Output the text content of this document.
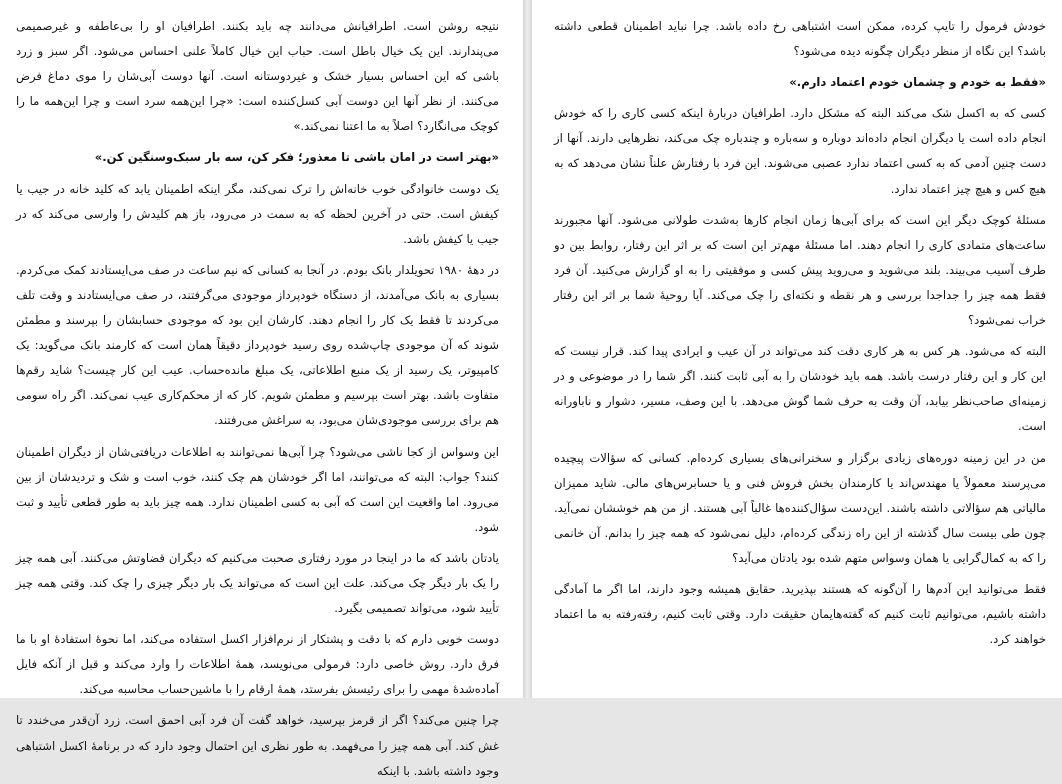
نتیجه روشن است. اطرافیانش می‌دانند چه باید بکنند. اطرافیان او را بی‌عاطفه و غیرصمیمی می‌پندارند. این یک خیال باطل است. حباب این خیال کاملاً علنی احساس می‌شود. اگر سبز و زرد باشی که این احساس بسیار خشک و غیردوستانه است. آنها دوست آبی‌شان را موی دماغ فرض می‌کنند. از نظر آنها این دوست آبی کسل‌کننده است: «چرا این‌همه سرد است و چرا این‌همه ما را کوچک می‌انگارد؟ اصلاً به ما اعتنا نمی‌کند.»

«بهتر است در امان باشی تا معذور؛ فکر کن، سه بار سبک‌وسنگین کن.»

یک دوست خانوادگی خوب خانه‌اش را ترک نمی‌کند، مگر اینکه اطمینان یابد که کلید خانه در جیب یا کیفش است. حتی در آخرین لحظه که به سمت در می‌رود، باز هم کلیدش را وارسی می‌کند که در جیب یا کیفش باشد.

در دههٔ ۱۹۸۰ تحویلدار بانک بودم. در آنجا به کسانی که نیم ساعت در صف می‌ایستادند کمک می‌کردم. بسیاری به بانک می‌آمدند، از دستگاه خودپرداز موجودی می‌گرفتند، در صف می‌ایستادند و وقت تلف می‌کردند تا فقط یک کار را انجام دهند. کارشان این بود که موجودی حسابشان را بپرسند و مطمئن شوند که آن موجودی چاپ‌شده روی رسید خودپرداز دقیقاً همان است که کارمند بانک می‌گوید: یک کامپیوتر، یک رسید از یک منبع اطلاعاتی، یک مبلغ مانده‌حساب. عیب این کار چیست؟ شاید رقم‌ها متفاوت باشد. بهتر است بپرسیم و مطمئن شویم. کار که از محکم‌کاری عیب نمی‌کند. اگر راه سومی هم برای بررسی موجودی‌شان می‌بود، به سراغش می‌رفتند.

این وسواس از کجا ناشی می‌شود؟ چرا آبی‌ها نمی‌توانند به اطلاعات دریافتی‌شان از دیگران اطمینان کنند؟ جواب: البته که می‌توانند، اما اگر خودشان هم چک کنند، خوب است و شک و تردیدشان از بین می‌رود. اما واقعیت این است که آبی به کسی اطمینان ندارد. همه چیز باید به طور قطعی تأیید و ثبت شود.

یادتان باشد که ما در اینجا در مورد رفتاری صحبت می‌کنیم که دیگران قضاوتش می‌کنند. آبی همه چیز را یک بار دیگر چک می‌کند. علت این است که می‌تواند یک بار دیگر چیزی را چک کند. وقتی همه چیز تأیید شود، می‌تواند تصمیمی بگیرد.

دوست خوبی دارم که با دقت و پشتکار از نرم‌افزار اکسل استفاده می‌کند، اما نحوهٔ استفادهٔ او با ما فرق دارد. روش خاصی دارد: فرمولی می‌نویسد، همهٔ اطلاعات را وارد می‌کند و قبل از آنکه فایل آماده‌شدهٔ مهمی را برای رئیسش بفرستد، همهٔ ارقام را با ماشین‌حساب محاسبه می‌کند.

چرا چنین می‌کند؟ اگر از قرمز بپرسید، خواهد گفت آن فرد آبی احمق است. زرد آن‌قدر می‌خندد تا غش کند. آبی همه چیز را می‌فهمد. به طور نظری این احتمال وجود دارد که در برنامهٔ اکسل اشتباهی وجود داشته باشد. با اینکه

خودش فرمول را تایپ کرده، ممکن است اشتباهی رخ داده باشد. چرا نباید اطمینان قطعی داشته باشد؟ این نگاه از منظر دیگران چگونه دیده می‌شود؟

«فقط به خودم و چشمان خودم اعتماد دارم.»

کسی که به اکسل شک می‌کند البته که مشکل دارد. اطرافیان دربارهٔ اینکه کسی کاری را که خودش انجام داده است یا دیگران انجام داده‌اند دوباره و سه‌باره و چندباره چک می‌کند، نظرهایی دارند. آنها از دست چنین آدمی که به کسی اعتماد ندارد عصبی می‌شوند. این فرد با رفتارش علناً نشان می‌دهد که به هیچ کس و هیچ چیز اعتماد ندارد.

مسئلهٔ کوچک دیگر این است که برای آبی‌ها زمان انجام کارها به‌شدت طولانی می‌شود. آنها مجبورند ساعت‌های متمادی کاری را انجام دهند. اما مسئلهٔ مهم‌تر این است که بر اثر این رفتار، روابط بین دو طرف آسیب می‌بیند. بلند می‌شوید و می‌روید پیش کسی و موفقیتی را به او گزارش می‌کنید. آن فرد فقط همه چیز را جداجدا بررسی و هر نقطه و نکته‌ای را چک می‌کند. آیا روحیهٔ شما بر اثر این رفتار خراب نمی‌شود؟

البته که می‌شود. هر کس به هر کاری دقت کند می‌تواند در آن عیب و ایرادی پیدا کند. قرار نیست که این کار و این رفتار درست باشد. همه باید خودشان را به آبی ثابت کنند. اگر شما را در موضوعی و در زمینه‌ای صاحب‌نظر بیابد، آن وقت به حرف شما گوش می‌دهد. با این وصف، مسیر، دشوار و ناباورانه است.

من در این زمینه دوره‌های زیادی برگزار و سخنرانی‌های بسیاری کرده‌ام. کسانی که سؤالات پیچیده می‌پرسند معمولاً یا مهندس‌اند یا کارمندان بخش فروش فنی و یا حسابرس‌های مالی. شاید ممیزان مالیاتی هم سؤالاتی داشته باشند. این‌دست سؤال‌کننده‌ها غالباً آبی هستند. از من هم خوششان نمی‌آید. چون طی بیست سال گذشته از این راه زندگی کرده‌ام، دلیل نمی‌شود که همه چیز را بدانم. آن خانمی را که به کمال‌گرایی یا همان وسواس متهم شده بود یادتان می‌آید؟

فقط می‌توانید این آدم‌ها را آن‌گونه که هستند بپذیرید. حقایق همیشه وجود دارند، اما اگر ما آمادگی داشته باشیم، می‌توانیم ثابت کنیم که گفته‌هایمان حقیقت دارد. وقتی ثابت کنیم، رفته‌رفته به ما اعتماد خواهند کرد.
